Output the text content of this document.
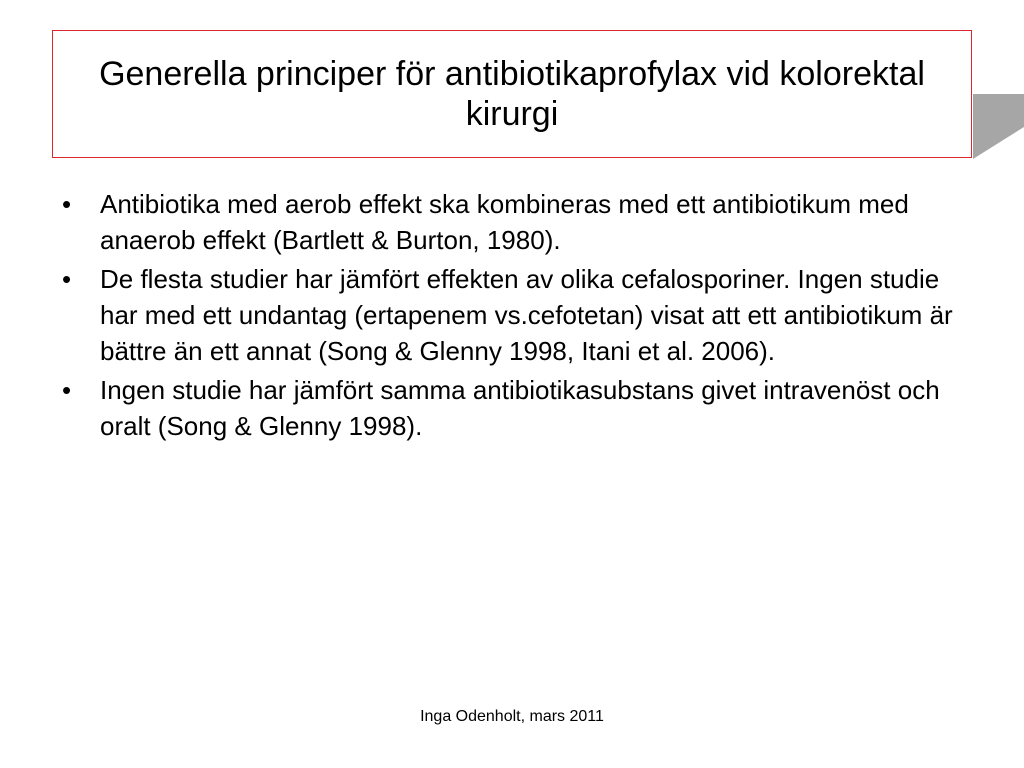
Generella principer för antibiotikaprofylax vid kolorektal kirurgi
• Antibiotika med aerob effekt ska kombineras med ett antibiotikum med anaerob effekt (Bartlett & Burton, 1980).
• De flesta studier har jämfört effekten av olika cefalosporiner. Ingen studie har med ett undantag (ertapenem vs.cefotetan) visat att ett antibiotikum är bättre än ett annat (Song & Glenny 1998, Itani et al. 2006).
• Ingen studie har jämfört samma antibiotikasubstans givet intravenöst och oralt (Song & Glenny 1998).
Inga Odenholt, mars 2011
